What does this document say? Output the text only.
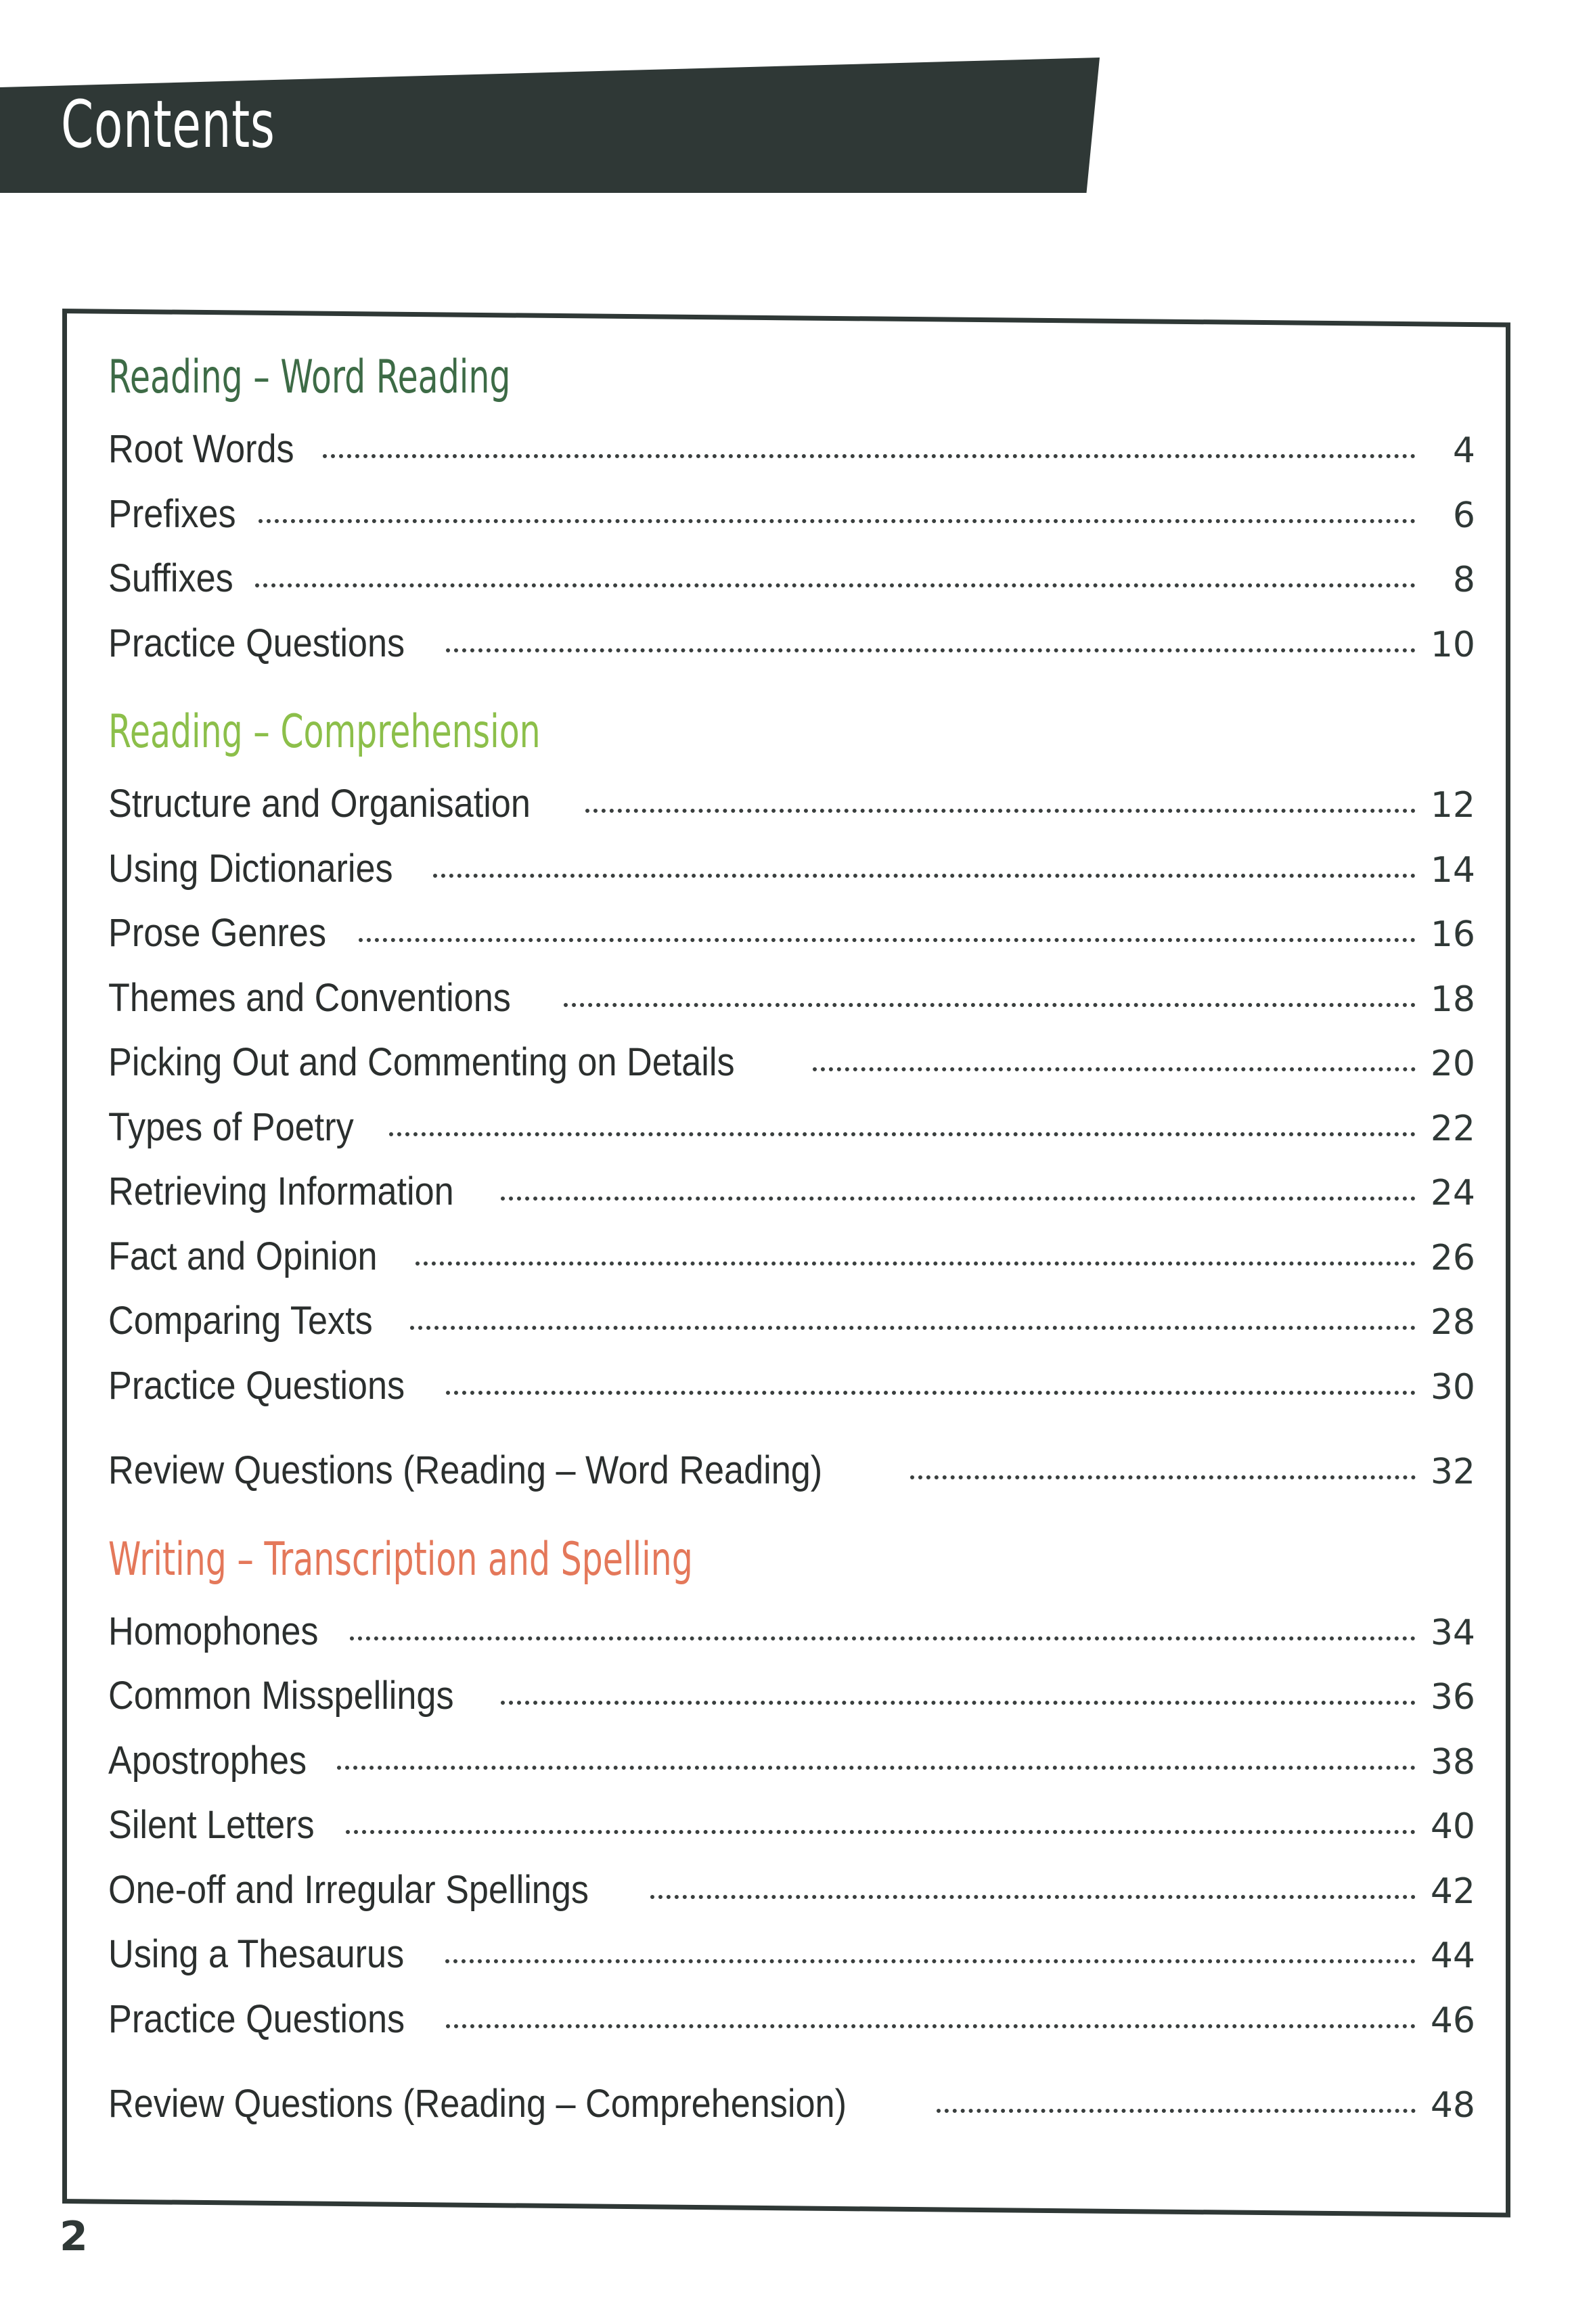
Contents
Reading – Word Reading
Root Words	4
Prefixes	6
Suffixes	8
Practice Questions	10
Reading – Comprehension
Structure and Organisation	12
Using Dictionaries	14
Prose Genres	16
Themes and Conventions	18
Picking Out and Commenting on Details	20
Types of Poetry	22
Retrieving Information	24
Fact and Opinion	26
Comparing Texts	28
Practice Questions	30
Review Questions (Reading – Word Reading)	32
Writing – Transcription and Spelling
Homophones	34
Common Misspellings	36
Apostrophes	38
Silent Letters	40
One-off and Irregular Spellings	42
Using a Thesaurus	44
Practice Questions	46
Review Questions (Reading – Comprehension)	48
2
